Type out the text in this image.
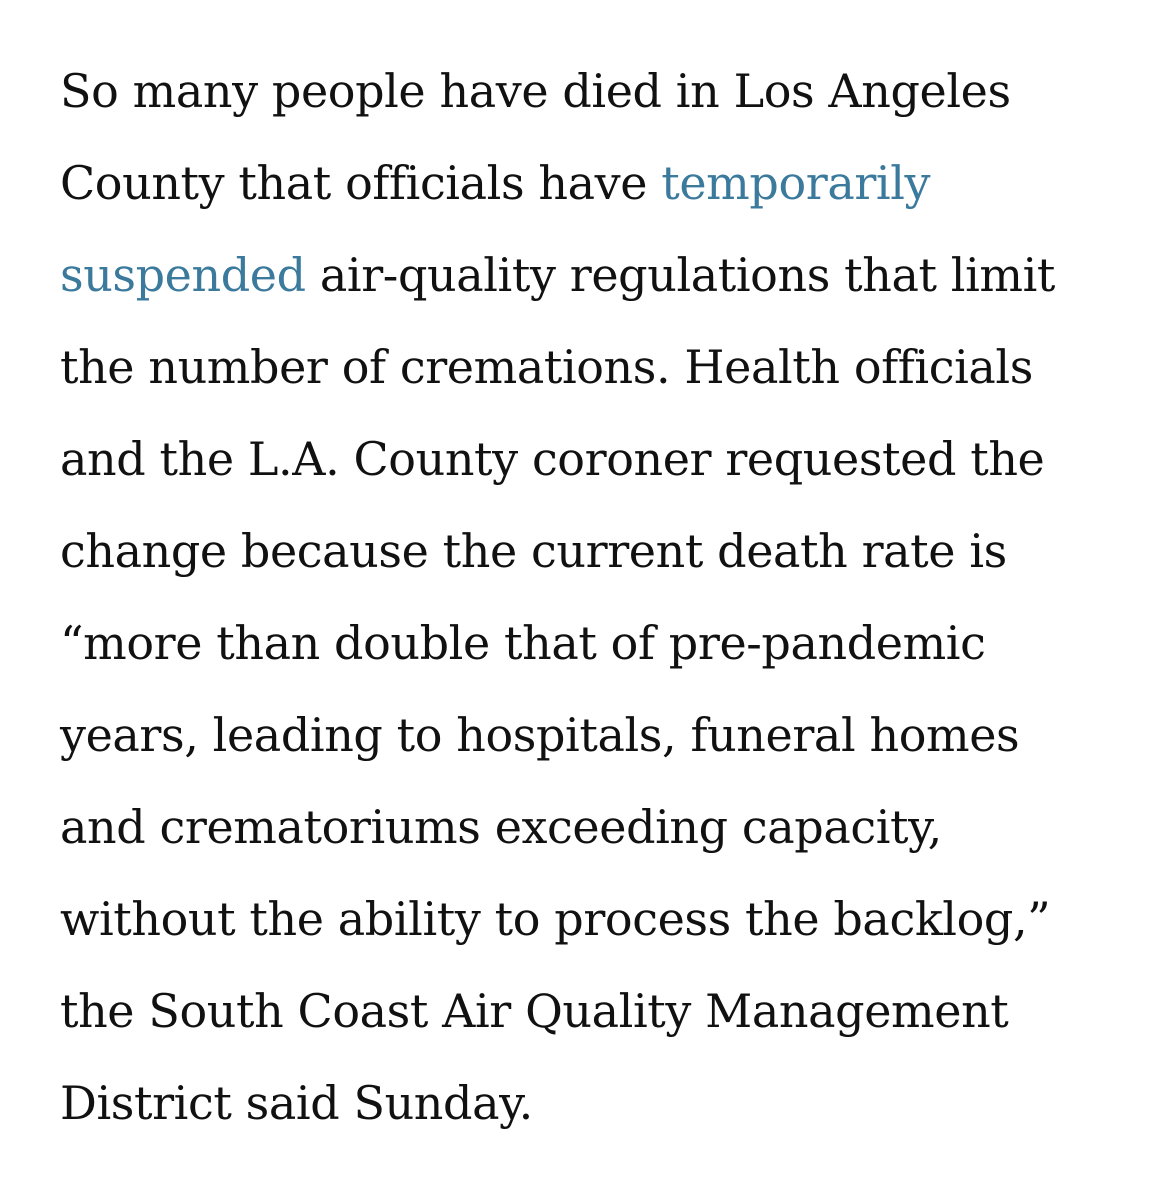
So many people have died in Los Angeles
County that officials have temporarily
suspended air-quality regulations that limit
the number of cremations. Health officials
and the L.A. County coroner requested the
change because the current death rate is
“more than double that of pre-pandemic
years, leading to hospitals, funeral homes
and crematoriums exceeding capacity,
without the ability to process the backlog,”
the South Coast Air Quality Management
District said Sunday.
